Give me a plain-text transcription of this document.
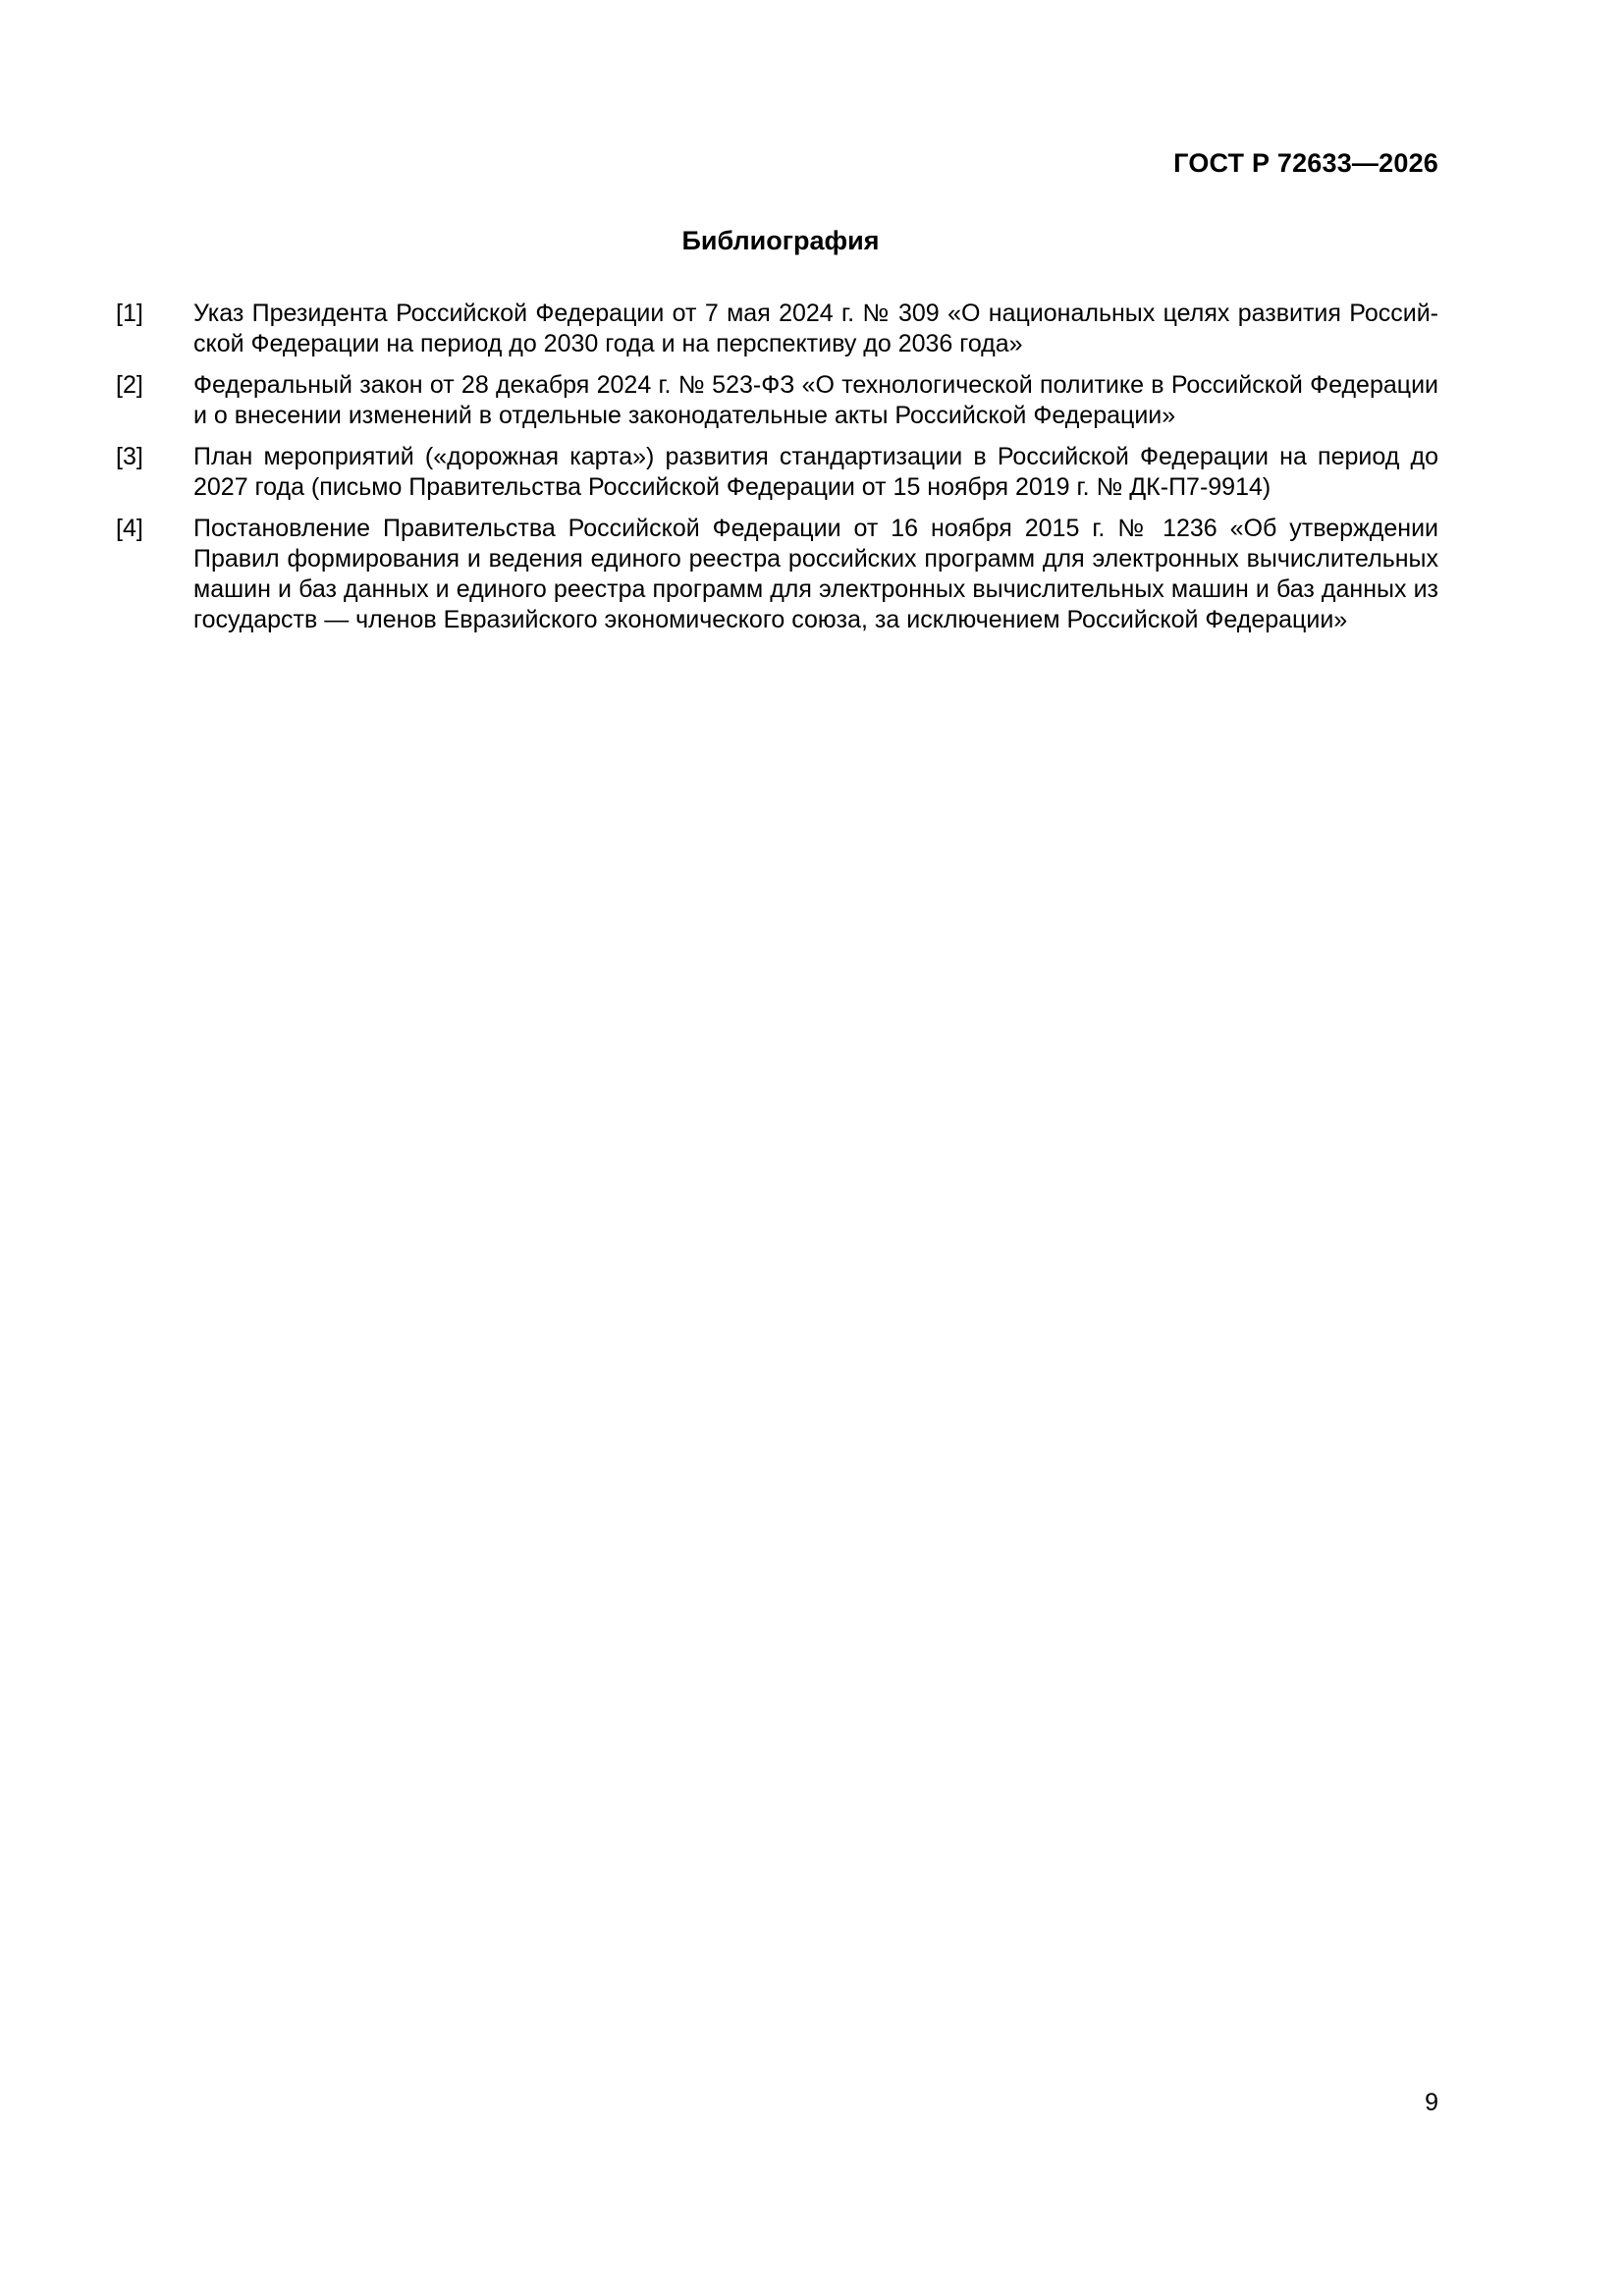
ГОСТ Р 72633—2026
Библиография
[1]	Указ Президента Российской Федерации от 7 мая 2024 г. № 309 «О национальных целях развития Россий-
ской Федерации на период до 2030 года и на перспективу до 2036 года»
[2]	Федеральный закон от 28 декабря 2024 г. № 523-ФЗ «О технологической политике в Российской Федерации
и о внесении изменений в отдельные законодательные акты Российской Федерации»
[3]	План мероприятий («дорожная карта») развития стандартизации в Российской Федерации на период до
2027 года (письмо Правительства Российской Федерации от 15 ноября 2019 г. № ДК-П7-9914)
[4]	Постановление Правительства Российской Федерации от 16 ноября 2015 г. № 1236 «Об утверждении
Правил формирования и ведения единого реестра российских программ для электронных вычислительных
машин и баз данных и единого реестра программ для электронных вычислительных машин и баз данных из
государств — членов Евразийского экономического союза, за исключением Российской Федерации»
9
